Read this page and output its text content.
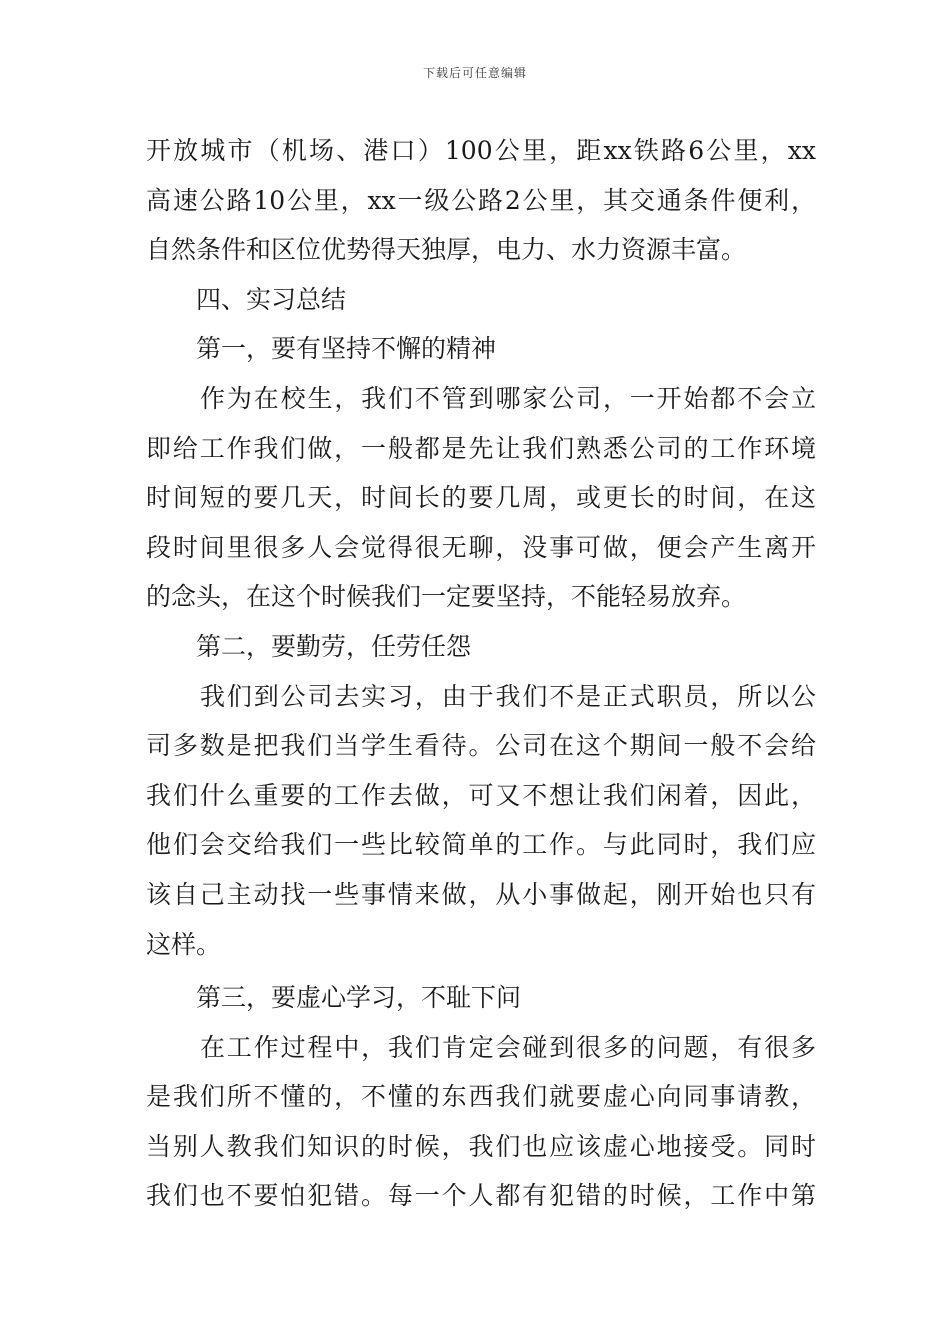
下载后可任意编辑
开放城市（机场、港口）100公里，距xx铁路6公里，xx
高速公路10公里，xx一级公路2公里，其交通条件便利，
自然条件和区位优势得天独厚，电力、水力资源丰富。
四、实习总结
第一，要有坚持不懈的精神
作为在校生，我们不管到哪家公司，一开始都不会立
即给工作我们做，一般都是先让我们熟悉公司的工作环境
时间短的要几天，时间长的要几周，或更长的时间，在这
段时间里很多人会觉得很无聊，没事可做，便会产生离开
的念头，在这个时候我们一定要坚持，不能轻易放弃。
第二，要勤劳，任劳任怨
我们到公司去实习，由于我们不是正式职员，所以公
司多数是把我们当学生看待。公司在这个期间一般不会给
我们什么重要的工作去做，可又不想让我们闲着，因此，
他们会交给我们一些比较简单的工作。与此同时，我们应
该自己主动找一些事情来做，从小事做起，刚开始也只有
这样。
第三，要虚心学习，不耻下问
在工作过程中，我们肯定会碰到很多的问题，有很多
是我们所不懂的，不懂的东西我们就要虚心向同事请教，
当别人教我们知识的时候，我们也应该虚心地接受。同时
我们也不要怕犯错。每一个人都有犯错的时候，工作中第
